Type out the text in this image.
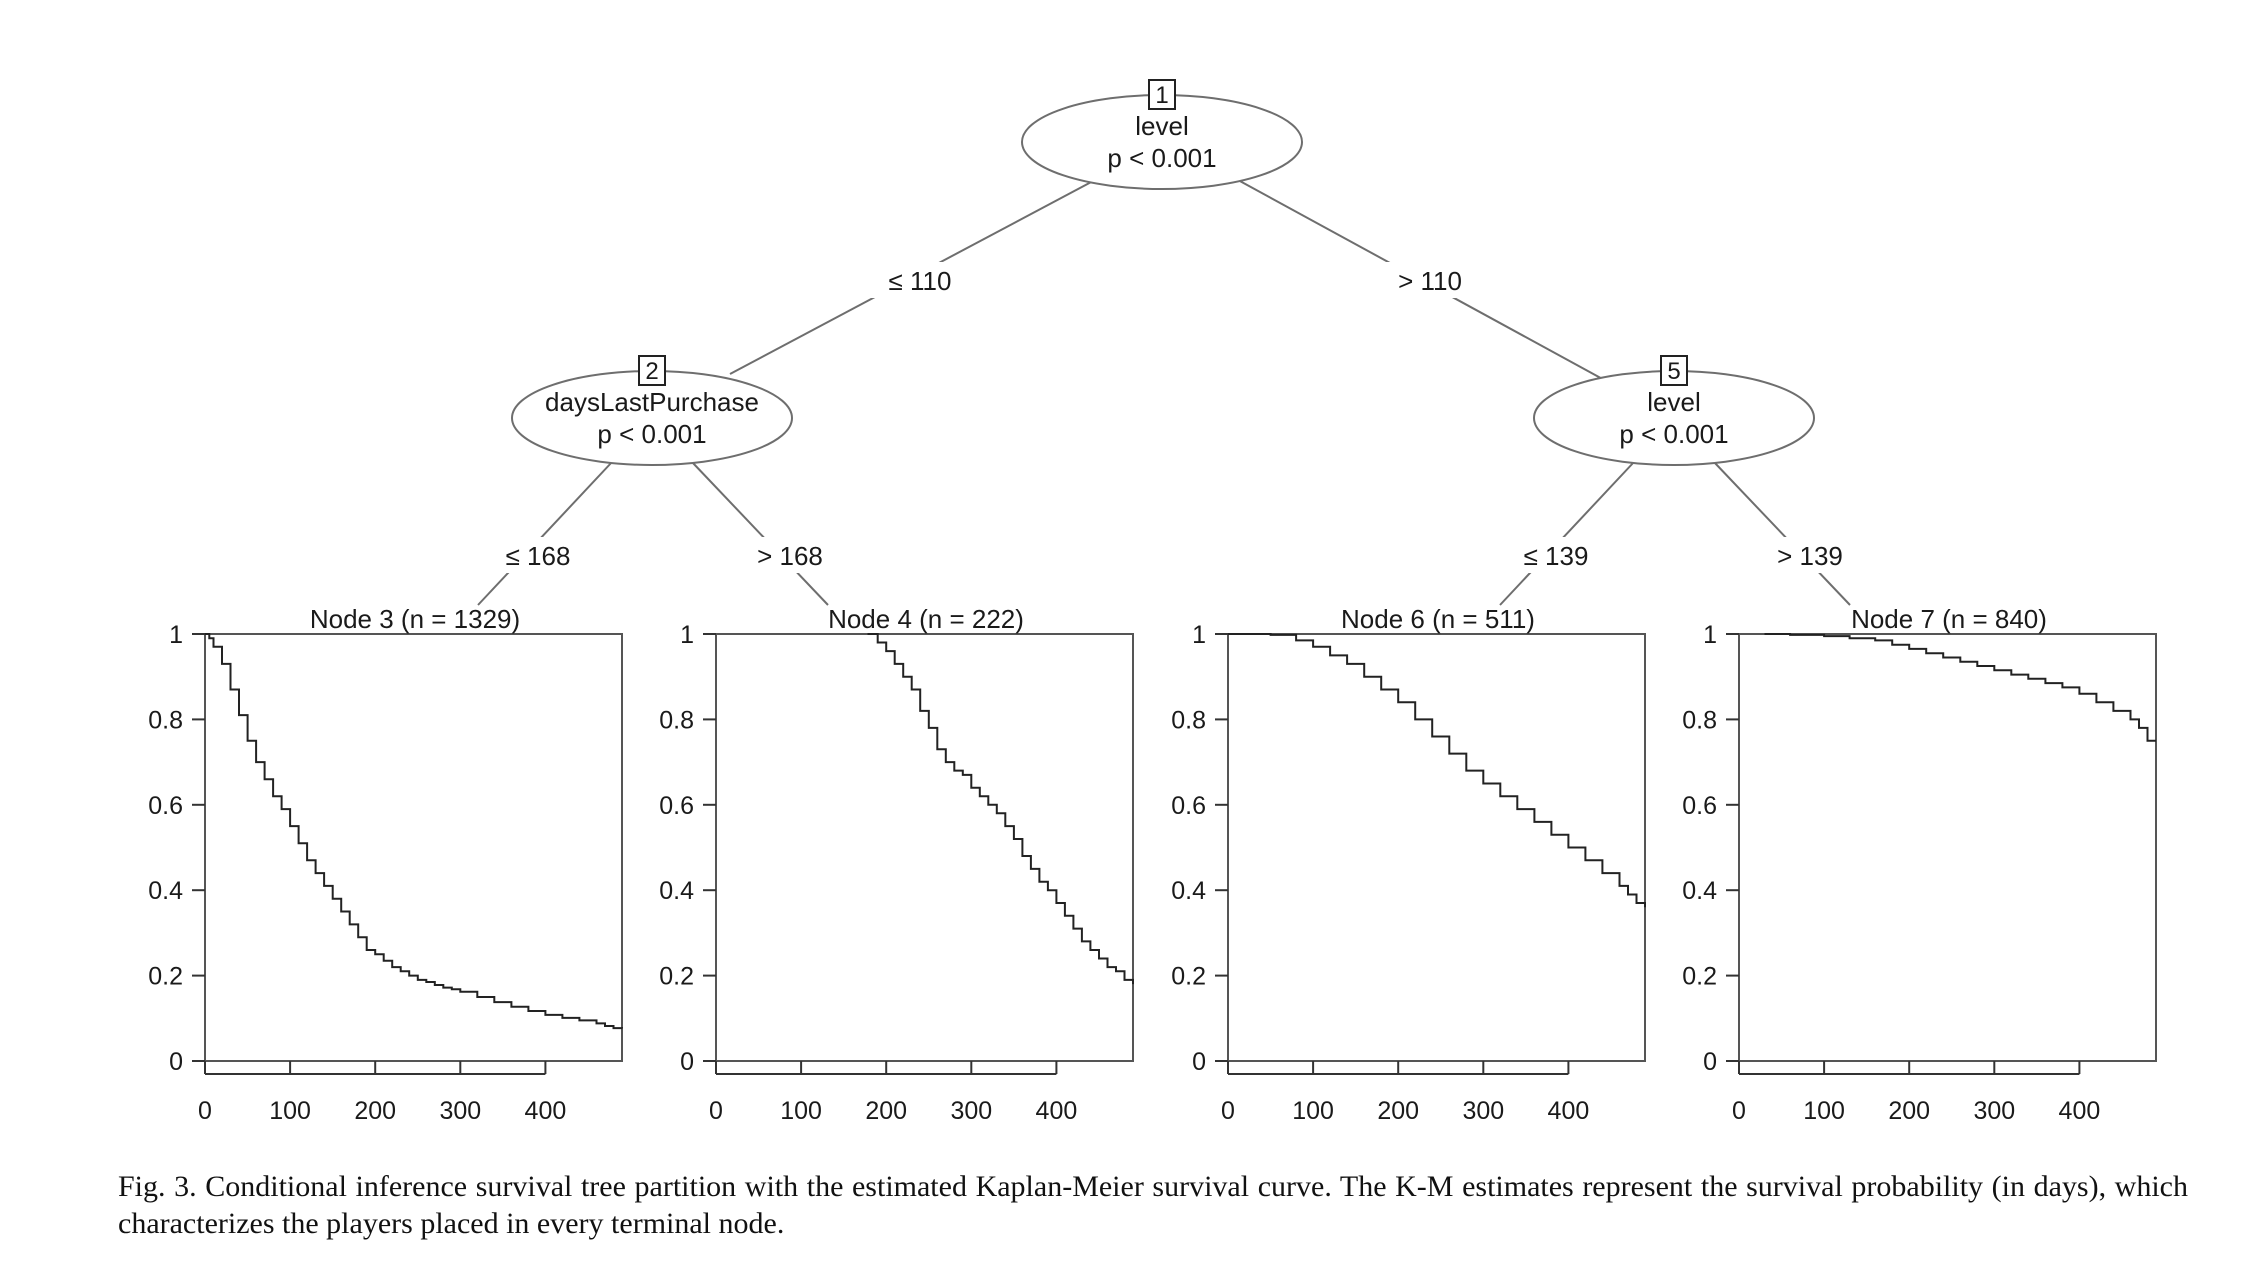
≤ 110	> 110
≤ 168	> 168	≤ 139	> 139
1
level
p < 0.001
2
daysLastPurchase
p < 0.001
5
level
p < 0.001
Node 3 (n = 1329)
0
0.2
0.4
0.6
0.8
1
0 100 200 300 400
Node 4 (n = 222)
0
0.2
0.4
0.6
0.8
1
0 100 200 300 400
Node 6 (n = 511)
0
0.2
0.4
0.6
0.8
1
0 100 200 300 400
Node 7 (n = 840)
0
0.2
0.4
0.6
0.8
1
0 100 200 300 400
Fig. 3. Conditional inference survival tree partition with the estimated Kaplan-Meier survival curve. The K-M estimates represent the survival probability (in days), which characterizes the players placed in every terminal node.
